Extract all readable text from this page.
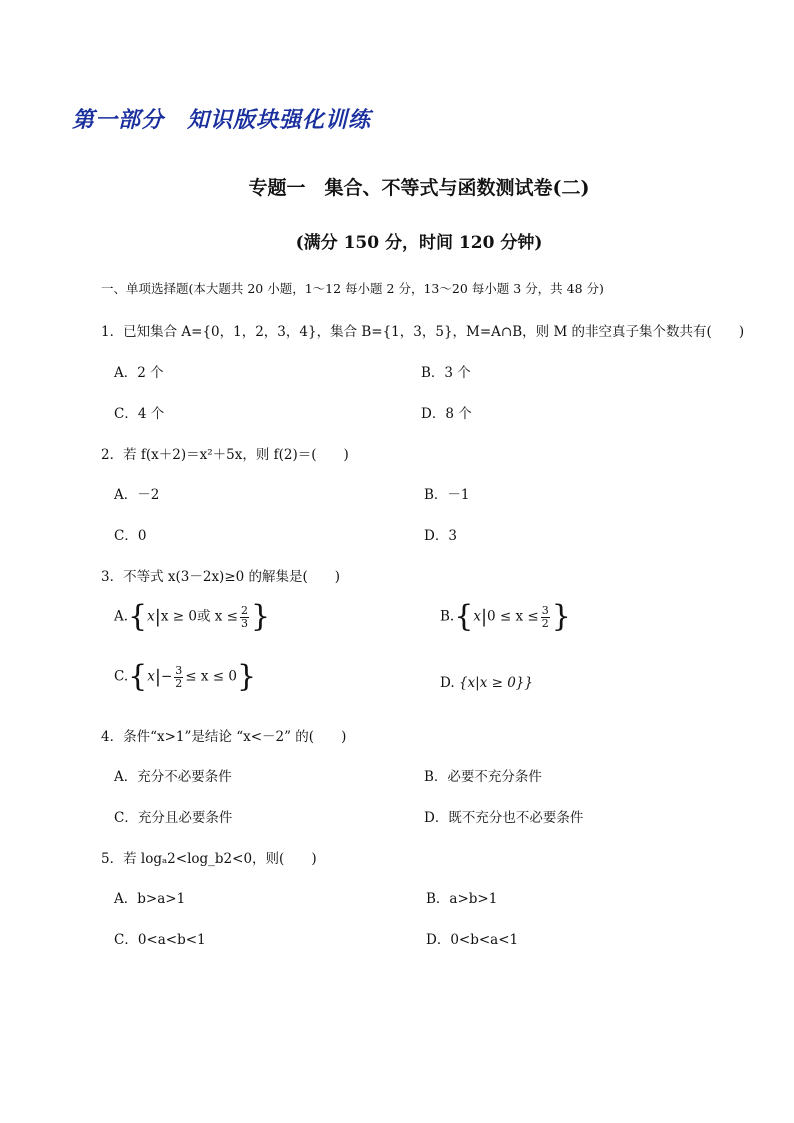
第一部分　知识版块强化训练
专题一　集合、不等式与函数测试卷(二)
(满分 150 分，时间 120 分钟)
一、单项选择题(本大题共 20 小题，1～12 每小题 2 分，13～20 每小题 3 分，共 48 分)
1．已知集合 A={0，1，2，3，4}，集合 B={1，3，5}，M=A∩B，则 M 的非空真子集个数共有(　　)
A．2 个	B．3 个
C．4 个	D．8 个
2．若 f(x＋2)＝x²＋5x，则 f(2)＝(　　)
A．－2	B．－1
C．0	D．3
3．不等式 x(3－2x)≥0 的解集是(　　)
A.{x|x ≥ 0或 $x \le \frac{2}{3}$ }	$B.\{x|0 \le x \le \frac{3}{2}$ }
$C.\{x|- \frac{3}{2} \le x \le 0\}$	D. {x|x ≥ 0}}
4．条件“x>1”是结论 “x<－2” 的(　　)
A．充分不必要条件	B．必要不充分条件
C．充分且必要条件	D．既不充分也不必要条件
5．若 logₐ2<log_b2<0，则(　　)
A．b>a>1	B．a>b>1
C．0<a<b<1	D．0<b<a<1
